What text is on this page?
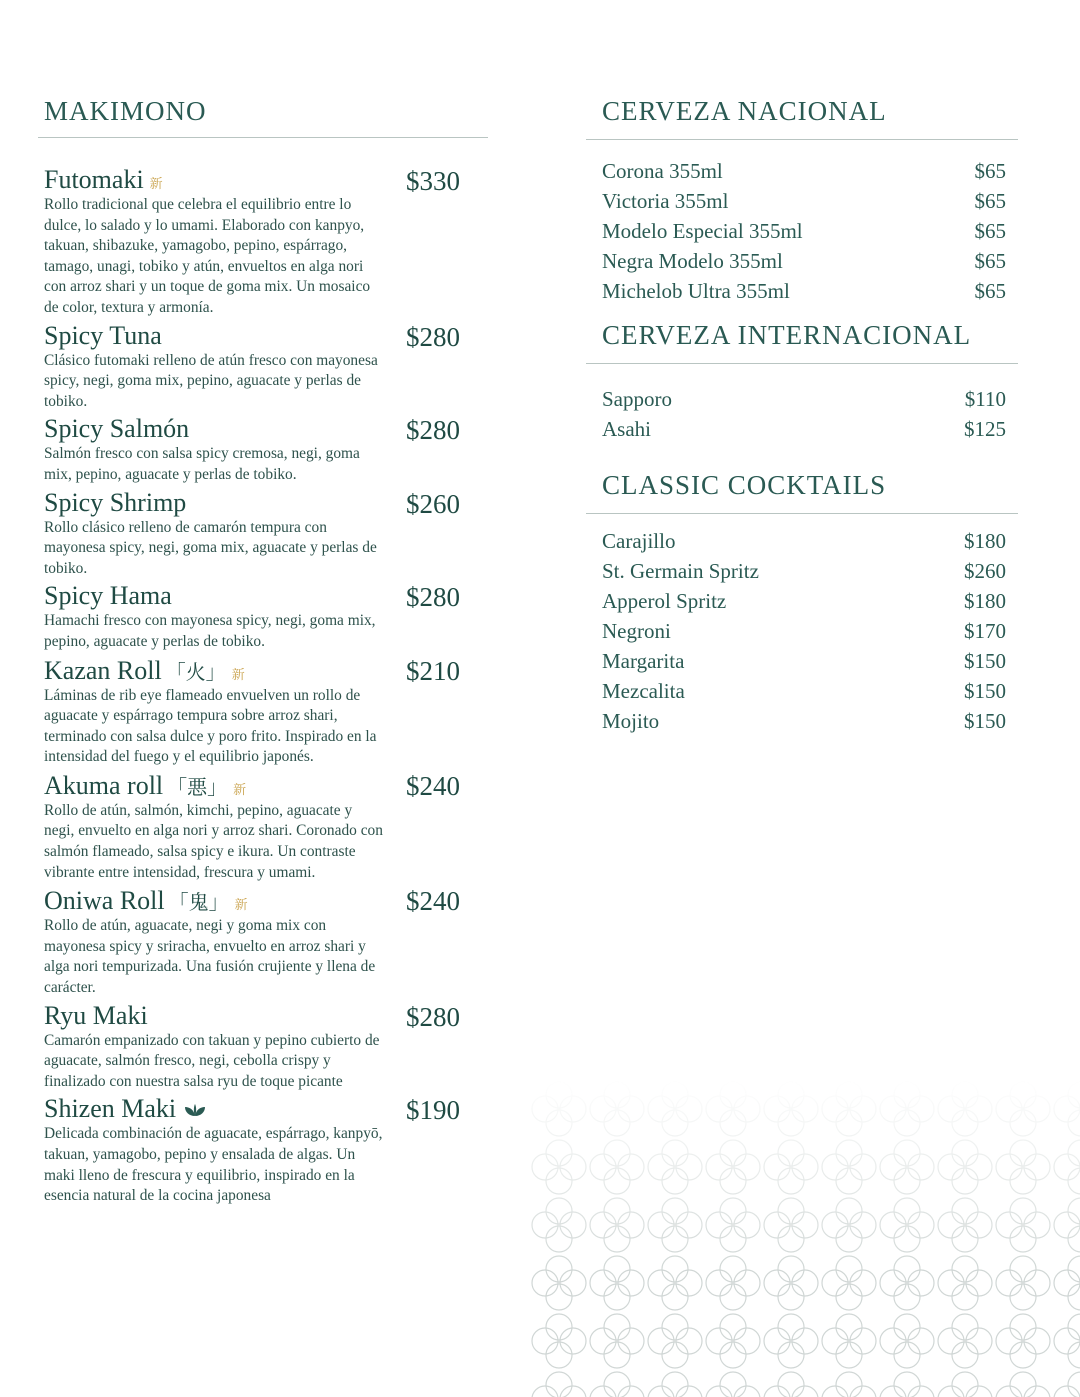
MAKIMONO
Futomaki 新	$330

Rollo tradicional que celebra el equilibrio entre lo dulce, lo salado y lo umami. Elaborado con kanpyo, takuan, shibazuke, yamagobo, pepino, espárrago, tamago, unagi, tobiko y atún, envueltos en alga nori con arroz shari y un toque de goma mix. Un mosaico de color, textura y armonía.

Spicy Tuna	$280

Clásico futomaki relleno de atún fresco con mayonesa spicy, negi, goma mix, pepino, aguacate y perlas de tobiko.

Spicy Salmón	$280

Salmón fresco con salsa spicy cremosa, negi, goma mix, pepino, aguacate y perlas de tobiko.

Spicy Shrimp	$260

Rollo clásico relleno de camarón tempura con mayonesa spicy, negi, goma mix, aguacate y perlas de tobiko.

Spicy Hama	$280

Hamachi fresco con mayonesa spicy, negi, goma mix, pepino, aguacate y perlas de tobiko.

Kazan Roll 「火」 新	$210

Láminas de rib eye flameado envuelven un rollo de aguacate y espárrago tempura sobre arroz shari, terminado con salsa dulce y poro frito. Inspirado en la intensidad del fuego y el equilibrio japonés.

Akuma roll 「悪」 新	$240

Rollo de atún, salmón, kimchi, pepino, aguacate y negi, envuelto en alga nori y arroz shari. Coronado con salmón flameado, salsa spicy e ikura. Un contraste vibrante entre intensidad, frescura y umami.

Oniwa Roll 「鬼」 新	$240

Rollo de atún, aguacate, negi y goma mix con mayonesa spicy y sriracha, envuelto en arroz shari y alga nori tempurizada. Una fusión crujiente y llena de carácter.

Ryu Maki	$280

Camarón empanizado con takuan y pepino cubierto de aguacate, salmón fresco, negi, cebolla crispy y finalizado con nuestra salsa ryu de toque picante

Shizen Maki	$190

Delicada combinación de aguacate, espárrago, kanpyō, takuan, yamagobo, pepino y ensalada de algas. Un maki lleno de frescura y equilibrio, inspirado en la esencia natural de la cocina japonesa

CERVEZA NACIONAL
Corona 355ml	$65
Victoria 355ml	$65
Modelo Especial 355ml	$65
Negra Modelo 355ml	$65
Michelob Ultra 355ml	$65
CERVEZA INTERNACIONAL
Sapporo	$110
Asahi	$125
CLASSIC COCKTAILS
Carajillo	$180
St. Germain Spritz	$260
Apperol Spritz	$180
Negroni	$170
Margarita	$150
Mezcalita	$150
Mojito	$150
